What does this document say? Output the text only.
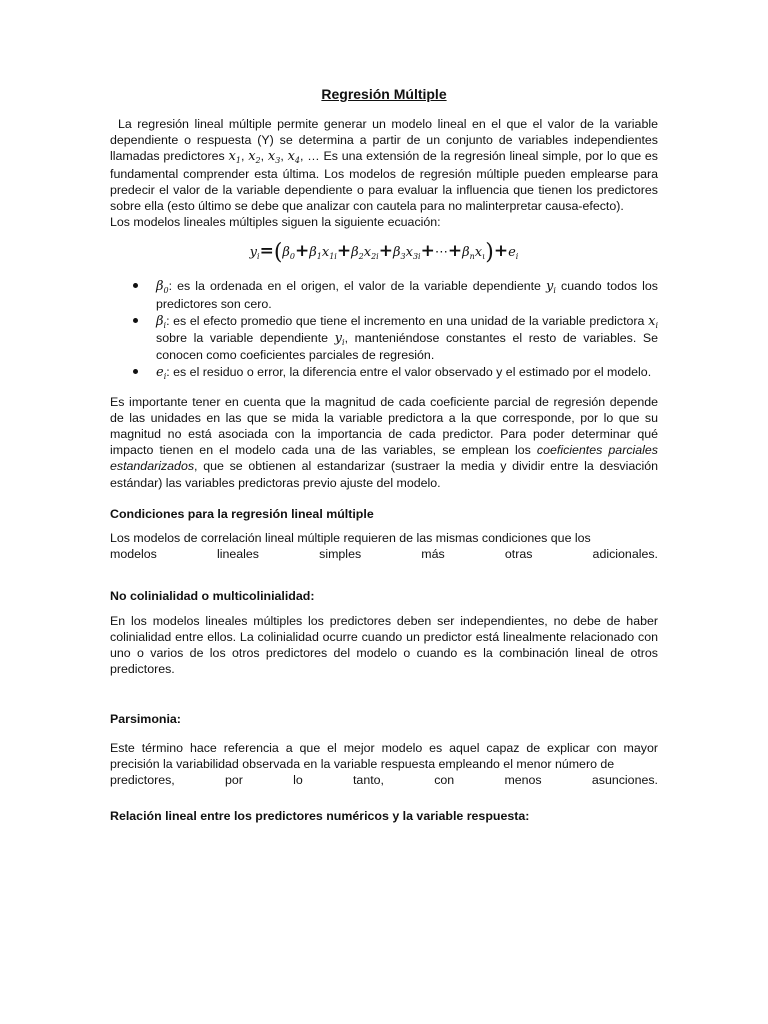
Regresión Múltiple

La regresión lineal múltiple permite generar un modelo lineal en el que el valor de la variable dependiente o respuesta (Y) se determina a partir de un conjunto de variables independientes llamadas predictores $x_1$, $x_2$, $x_3$, $x_4$, … Es una extensión de la regresión lineal simple, por lo que es fundamental comprender esta última. Los modelos de regresión múltiple pueden emplearse para predecir el valor de la variable dependiente o para evaluar la influencia que tienen los predictores sobre ella (esto último se debe que analizar con cautela para no malinterpretar causa-efecto).

Los modelos lineales múltiples siguen la siguiente ecuación:

$y_i=(\beta_0+\beta_1x_{1i}+\beta_2x_{2i}+\beta_3x_{3i}+\cdots+\beta_nx_\iota)+e_i$
$\beta_0$: es la ordenada en el origen, el valor de la variable dependiente $y_i$ cuando todos los predictores son cero.
$\beta_i$: es el efecto promedio que tiene el incremento en una unidad de la variable predictora $x_i$ sobre la variable dependiente $y_i$, manteniéndose constantes el resto de variables. Se conocen como coeficientes parciales de regresión.
$e_i$: es el residuo o error, la diferencia entre el valor observado y el estimado por el modelo.

Es importante tener en cuenta que la magnitud de cada coeficiente parcial de regresión depende de las unidades en las que se mida la variable predictora a la que corresponde, por lo que su magnitud no está asociada con la importancia de cada predictor. Para poder determinar qué impacto tienen en el modelo cada una de las variables, se emplean los coeficientes parciales estandarizados, que se obtienen al estandarizar (sustraer la media y dividir entre la desviación estándar) las variables predictoras previo ajuste del modelo.

Condiciones para la regresión lineal múltiple

Los modelos de correlación lineal múltiple requieren de las mismas condiciones que los

modelos lineales simples más otras adicionales.

No colinialidad o multicolinialidad:

En los modelos lineales múltiples los predictores deben ser independientes, no debe de haber colinialidad entre ellos. La colinialidad ocurre cuando un predictor está linealmente relacionado con uno o varios de los otros predictores del modelo o cuando es la combinación lineal de otros predictores.

Parsimonia:

Este término hace referencia a que el mejor modelo es aquel capaz de explicar con mayor precisión la variabilidad observada en la variable respuesta empleando el menor número de

predictores, por lo tanto, con menos asunciones.

Relación lineal entre los predictores numéricos y la variable respuesta:
